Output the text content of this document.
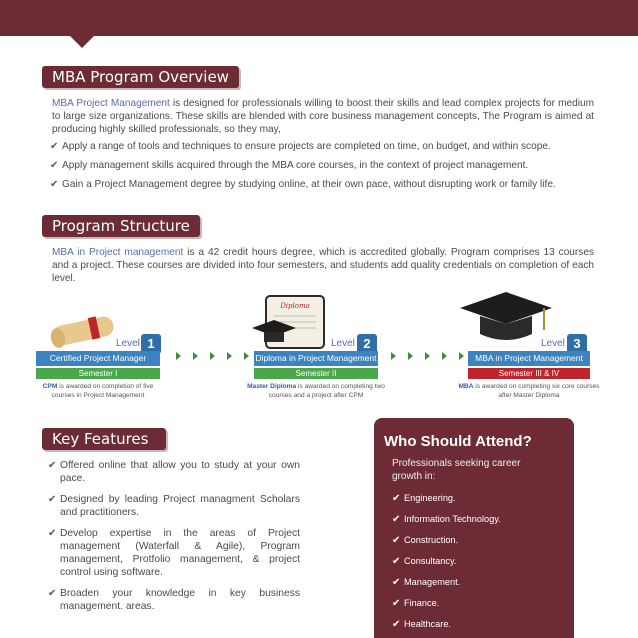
MBA Program Overview

MBA Project Management is designed for professionals willing to boost their skills and lead complex projects for medium to large size organizations. These skills are blended with core business management concepts, The Program is aimed at producing highly skilled professionals, so they may,

✔ Apply a range of tools and techniques to ensure projects are completed on time, on budget, and within scope.
✔ Apply management skills acquired through the MBA core courses, in the context of project management.
✔ Gain a Project Management degree by studying online, at their own pace, without disrupting work or family life.
Program Structure

MBA in Project management is a 42 credit hours degree, which is accredited globally. Program comprises 13 courses and a project. These courses are divided into four semesters, and students add quality credentials on completion of each level.

Diploma
Level 1
Certified Project Manager
Semester I
CPM is awarded on completion of five courses in Project Management
Level 2
Diploma in Project Management
Semester II
Master Diploma is awarded on completing two courses and a project after CPM
Level 3
MBA in Project Management
Semester III & IV
MBA is awarded on completing six core courses after Master Diploma
Key Features
✔ Offered online that allow you to study at your own pace.
✔ Designed by leading Project managment Scholars and practitioners.
✔ Develop expertise in the areas of Project management (Waterfall & Agile), Program management, Protfolio management, & project control using software.
✔ Broaden your knowledge in key business management. areas.
Who Should Attend?
Professionals seeking career growth in:
✔ Engineering.
✔ Information Technology.
✔ Construction.
✔ Consultancy.
✔ Management.
✔ Finance.
✔ Healthcare.
